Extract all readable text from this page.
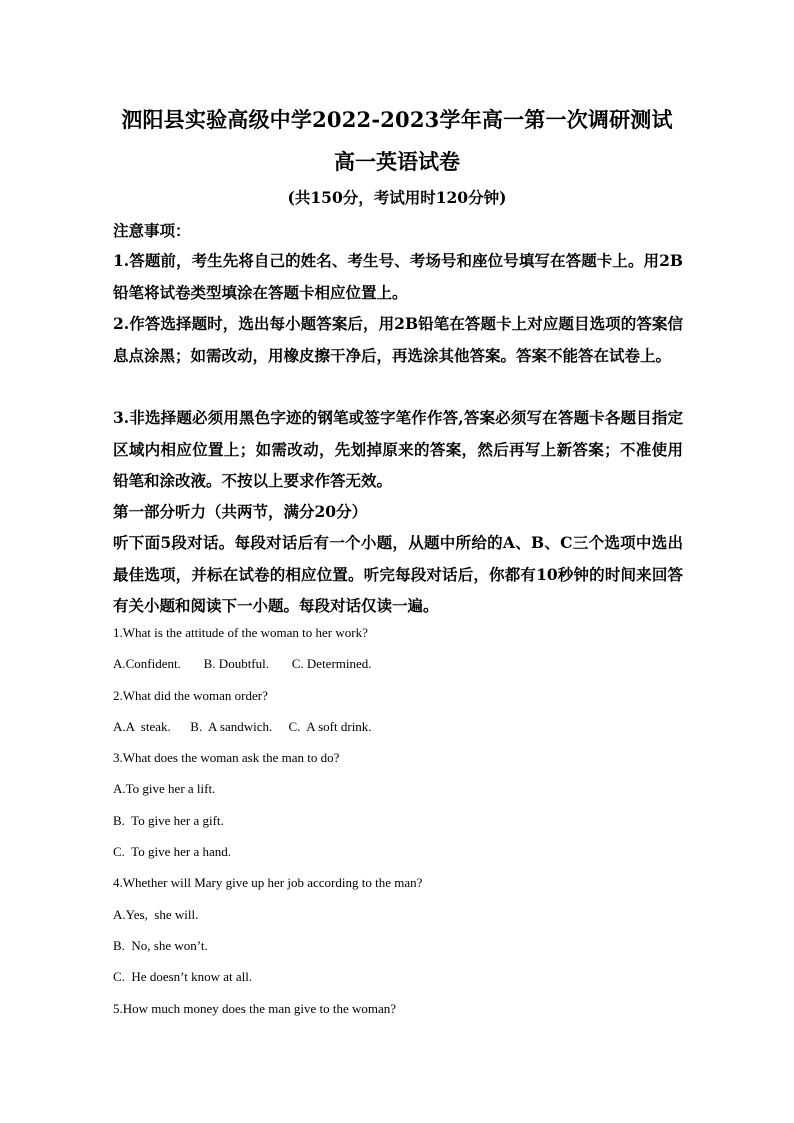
泗阳县实验高级中学2022-2023学年高一第一次调研测试
高一英语试卷
(共150分，考试用时120分钟)
注意事项：
1.答题前，考生先将自己的姓名、考生号、考场号和座位号填写在答题卡上。用2B铅笔将试卷类型填涂在答题卡相应位置上。
2.作答选择题时，选出每小题答案后，用2B铅笔在答题卡上对应题目选项的答案信息点涂黑；如需改动，用橡皮擦干净后，再选涂其他答案。答案不能答在试卷上。
3.非选择题必须用黑色字迹的钢笔或签字笔作作答,答案必须写在答题卡各题目指定区域内相应位置上；如需改动，先划掉原来的答案，然后再写上新答案；不准使用铅笔和涂改液。不按以上要求作答无效。
第一部分听力（共两节，满分20分）
听下面5段对话。每段对话后有一个小题，从题中所给的A、B、C三个选项中选出最佳选项，并标在试卷的相应位置。听完每段对话后，你都有10秒钟的时间来回答有关小题和阅读下一小题。每段对话仅读一遍。
1.What is the attitude of the woman to her work?
A.Confident.       B. Doubtful.       C. Determined.
2.What did the woman order?
A.A  steak.      B.  A sandwich.     C.  A soft drink.
3.What does the woman ask the man to do?
A.To give her a lift.
B.  To give her a gift.
C.  To give her a hand.
4.Whether will Mary give up her job according to the man?
A.Yes,  she will.
B.  No, she won’t.
C.  He doesn’t know at all.
5.How much money does the man give to the woman?
